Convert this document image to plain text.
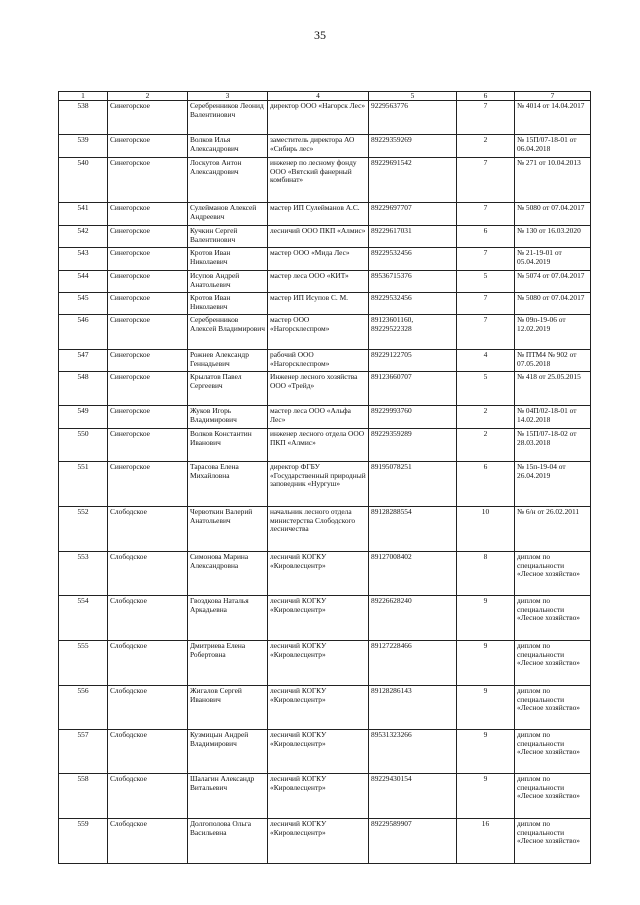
35
1	2	3	4	5	6	7
538	Синегорское	Серебренников Леонид Валентинович	директор ООО «Нагорск Лес»	9229563776	7	№ 4014 от 14.04.2017
539	Синегорское	Волков Илья Александрович	заместитель директора АО «Сибирь лес»	89229359269	2	№ 15П/07-18-01 от 06.04.2018
540	Синегорское	Лоскутов Антон Александрович	инженер по лесному фонду ООО «Вятский фанерный комбинат»	89229691542	7	№ 271 от 10.04.2013
541	Синегорское	Сулейманов Алексей Андреевич	мастер ИП Сулейманов А.С.	89229697707	7	№ 5080 от 07.04.2017
542	Синегорское	Кучкин Сергей Валентинович	лесничий ООО ПКП «Алмис»	89229617031	6	№ 130 от 16.03.2020
543	Синегорское	Кротов Иван Николаевич	мастер ООО «Мида Лес»	89229532456	7	№ 21-19-01 от 05.04.2019
544	Синегорское	Исупов Андрей Анатольевич	мастер леса ООО «КИТ»	89536715376	5	№ 5074 от 07.04.2017
545	Синегорское	Кротов Иван Николаевич	мастер ИП Исупов С. М.	89229532456	7	№ 5080 от 07.04.2017
546	Синегорское	Серебренников Алексей Владимирович	мастер ООО «Нагорсклеспром»	89123601160, 89229522328	7	№ 09п-19-06 от 12.02.2019
547	Синегорское	Рожнев Александр Геннадьевич	рабочий ООО «Нагорсклеспром»	89229122705	4	№ ПТМ4 № 902 от 07.05.2018
548	Синегорское	Крылатов Павел Сергеевич	Инженер лесного хозяйства ООО «Трейд»	89123660707	5	№ 418 от 25.05.2015
549	Синегорское	Жуков Игорь Владимирович	мастер леса ООО «Альфа Лес»	89229993760	2	№ 04П/02-18-01 от 14.02.2018
550	Синегорское	Волков Константин Иванович	инженер лесного отдела ООО ПКП «Алмис»	89229359289	2	№ 15П/07-18-02 от 28.03.2018
551	Синегорское	Тарасова Елена Михайловна	директор ФГБУ «Государственный природный заповедник «Нургуш»	89195078251	6	№ 15п-19-04 от 26.04.2019
552	Слободское	Червоткин Валерий Анатольевич	начальник лесного отдела министерства Слободского лесничества	89128288554	10	№ 6/н от 26.02.2011
553	Слободское	Симонова Марина Александровна	лесничий КОГКУ «Кировлесцентр»	89127008402	8	диплом по специальности «Лесное хозяйство»
554	Слободское	Гвоздкова Наталья Аркадьевна	лесничий КОГКУ «Кировлесцентр»	89226628240	9	диплом по специальности «Лесное хозяйство»
555	Слободское	Дмитриева Елена Робертовна	лесничий КОГКУ «Кировлесцентр»	89127228466	9	диплом по специальности «Лесное хозяйство»
556	Слободское	Жигалов Сергей Иванович	лесничий КОГКУ «Кировлесцентр»	89128286143	9	диплом по специальности «Лесное хозяйство»
557	Слободское	Кузмицын Андрей Владимирович	лесничий КОГКУ «Кировлесцентр»	89531323266	9	диплом по специальности «Лесное хозяйство»
558	Слободское	Шалагин Александр Витальевич	лесничий КОГКУ «Кировлесцентр»	89229430154	9	диплом по специальности «Лесное хозяйство»
559	Слободское	Долгополова Ольга Васильевна	лесничий КОГКУ «Кировлесцентр»	89229589907	16	диплом по специальности «Лесное хозяйство»
